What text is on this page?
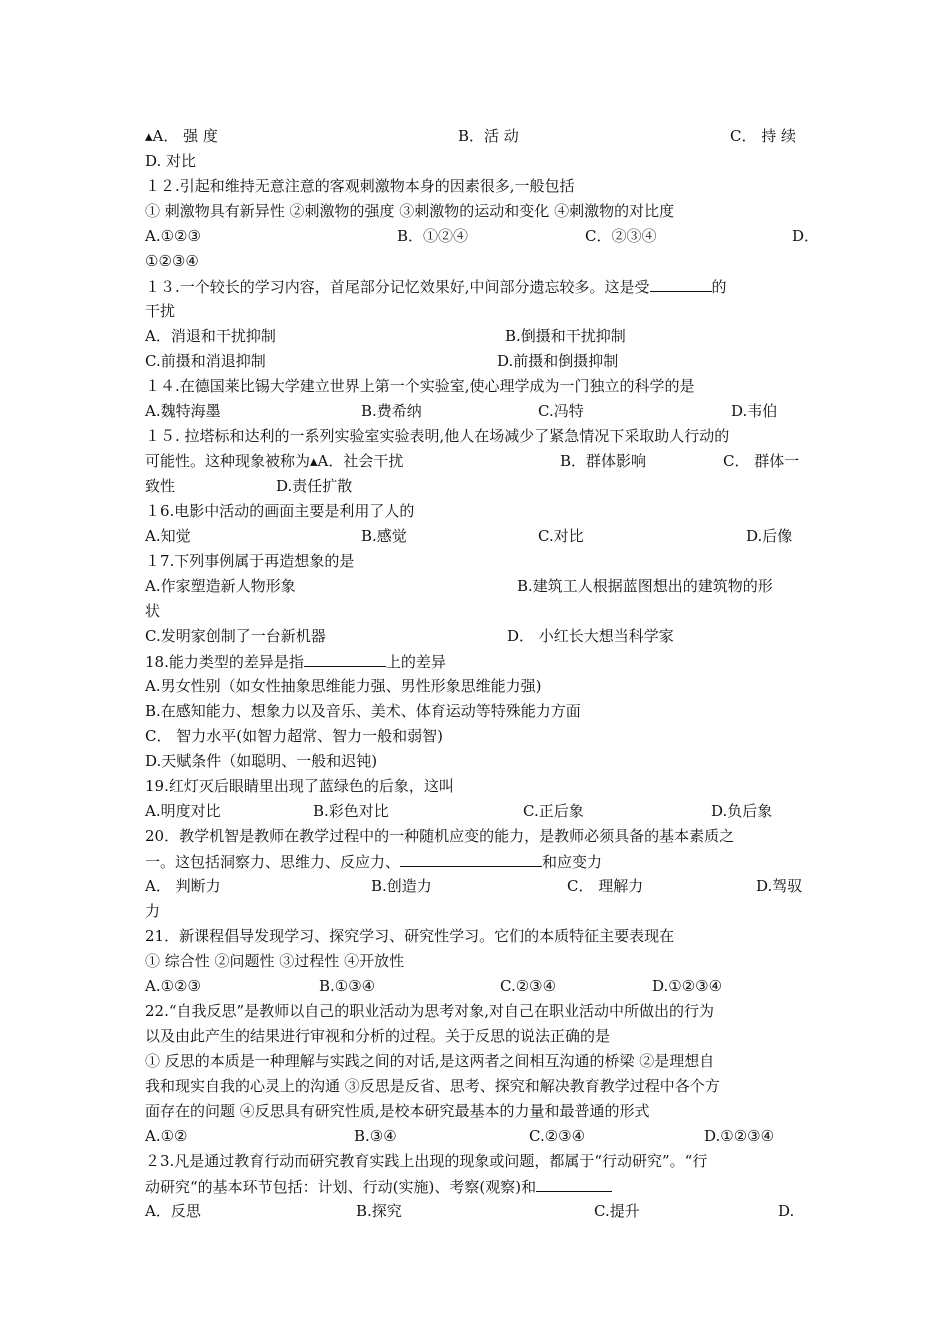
▴A． 强 度	B．活 动	C． 持 续
D. 对比
１２.引起和维持无意注意的客观刺激物本身的因素很多,一般包括
① 刺激物具有新异性 ②刺激物的强度 ③刺激物的运动和变化 ④刺激物的对比度
A.①②③	B．①②④	C．②③④	D．
①②③④
１３.一个较长的学习内容，首尾部分记忆效果好,中间部分遗忘较多。这是受	的
干扰
A．消退和干扰抑制	B.倒摄和干扰抑制
C.前摄和消退抑制	D.前摄和倒摄抑制
１４.在德国莱比锡大学建立世界上第一个实验室,使心理学成为一门独立的科学的是
A.魏特海墨	B.费希纳	C.冯特	D.韦伯
１５. 拉塔标和达利的一系列实验室实验表明,他人在场减少了紧急情况下采取助人行动的
可能性。这种现象被称为▴A．社会干扰	B．群体影响	C． 群体一
致性	D.责任扩散
１6.电影中活动的画面主要是利用了人的
A.知觉	B.感觉	C.对比	D.后像
１7.下列事例属于再造想象的是
A.作家塑造新人物形象	B.建筑工人根据蓝图想出的建筑物的形
状
C.发明家创制了一台新机器	D． 小红长大想当科学家
18.能力类型的差异是指	上的差异
A.男女性别（如女性抽象思维能力强、男性形象思维能力强)
B.在感知能力、想象力以及音乐、美术、体育运动等特殊能力方面
C． 智力水平(如智力超常、智力一般和弱智)
D.天赋条件（如聪明、一般和迟钝)
19.红灯灭后眼睛里出现了蓝绿色的后象，这叫
A.明度对比	B.彩色对比	C.正后象	D.负后象
20．教学机智是教师在教学过程中的一种随机应变的能力，是教师必须具备的基本素质之
一。这包括洞察力、思维力、反应力、	和应变力
A． 判断力	B.创造力	C． 理解力	D.驾驭
力
21．新课程倡导发现学习、探究学习、研究性学习。它们的本质特征主要表现在
① 综合性 ②问题性 ③过程性 ④开放性
A.①②③	B.①③④	C.②③④	D.①②③④
22.“自我反思”是教师以自己的职业活动为思考对象,对自己在职业活动中所做出的行为
以及由此产生的结果进行审视和分析的过程。关于反思的说法正确的是
① 反思的本质是一种理解与实践之间的对话,是这两者之间相互沟通的桥梁 ②是理想自
我和现实自我的心灵上的沟通 ③反思是反省、思考、探究和解决教育教学过程中各个方
面存在的问题 ④反思具有研究性质,是校本研究最基本的力量和最普通的形式
A.①②	B.③④	C.②③④	D.①②③④
２3.凡是通过教育行动而研究教育实践上出现的现象或问题，都属于“行动研究”。“行
动研究“的基本环节包括：计划、行动(实施)、考察(观察)和
A．反思	B.探究	C.提升	D.
